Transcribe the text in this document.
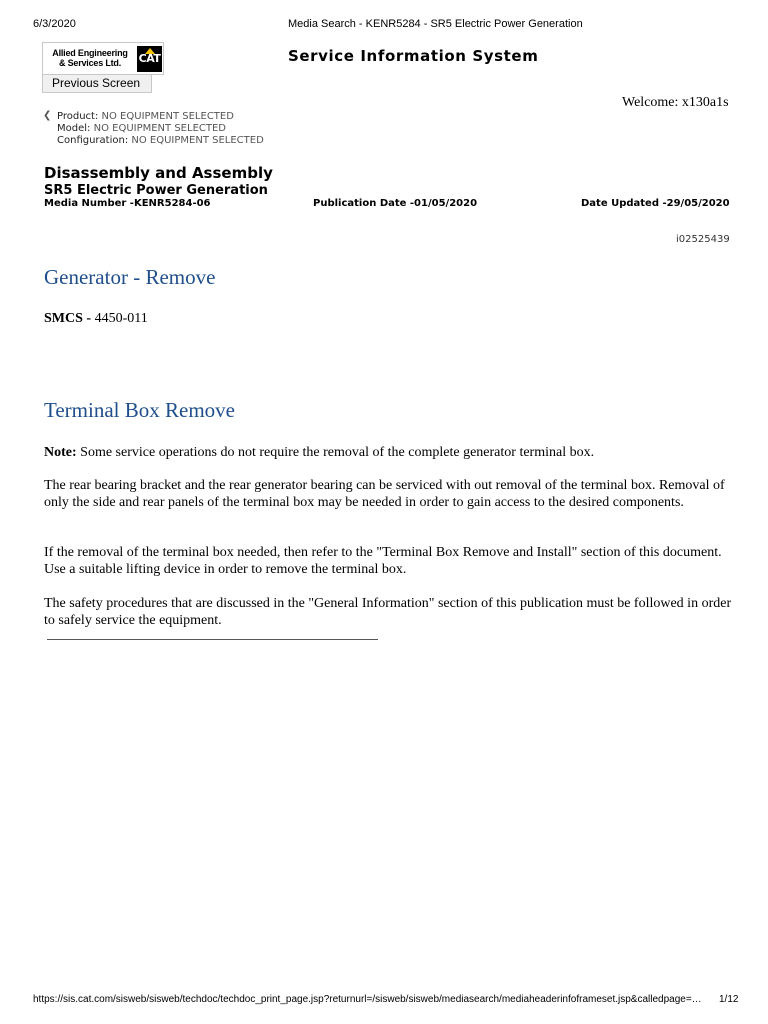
6/3/2020	Media Search - KENR5284 - SR5 Electric Power Generation
Allied Engineering
& Services Ltd.	CAT
Previous Screen
Service Information System
Welcome: x130a1s
❮ Product: NO EQUIPMENT SELECTED
Model: NO EQUIPMENT SELECTED
Configuration: NO EQUIPMENT SELECTED
Disassembly and Assembly
SR5 Electric Power Generation
Media Number -KENR5284-06	Publication Date -01/05/2020	Date Updated -29/05/2020
i02525439
Generator - Remove
SMCS - 4450-011
Terminal Box Remove
Note: Some service operations do not require the removal of the complete generator terminal box.
The rear bearing bracket and the rear generator bearing can be serviced with out removal of the terminal box. Removal of only the side and rear panels of the terminal box may be needed in order to gain access to the desired components.
If the removal of the terminal box needed, then refer to the "Terminal Box Remove and Install" section of this document. Use a suitable lifting device in order to remove the terminal box.
The safety procedures that are discussed in the "General Information" section of this publication must be followed in order to safely service the equipment.
https://sis.cat.com/sisweb/sisweb/techdoc/techdoc_print_page.jsp?returnurl=/sisweb/sisweb/mediasearch/mediaheaderinfoframeset.jsp&calledpage=…	1/12
